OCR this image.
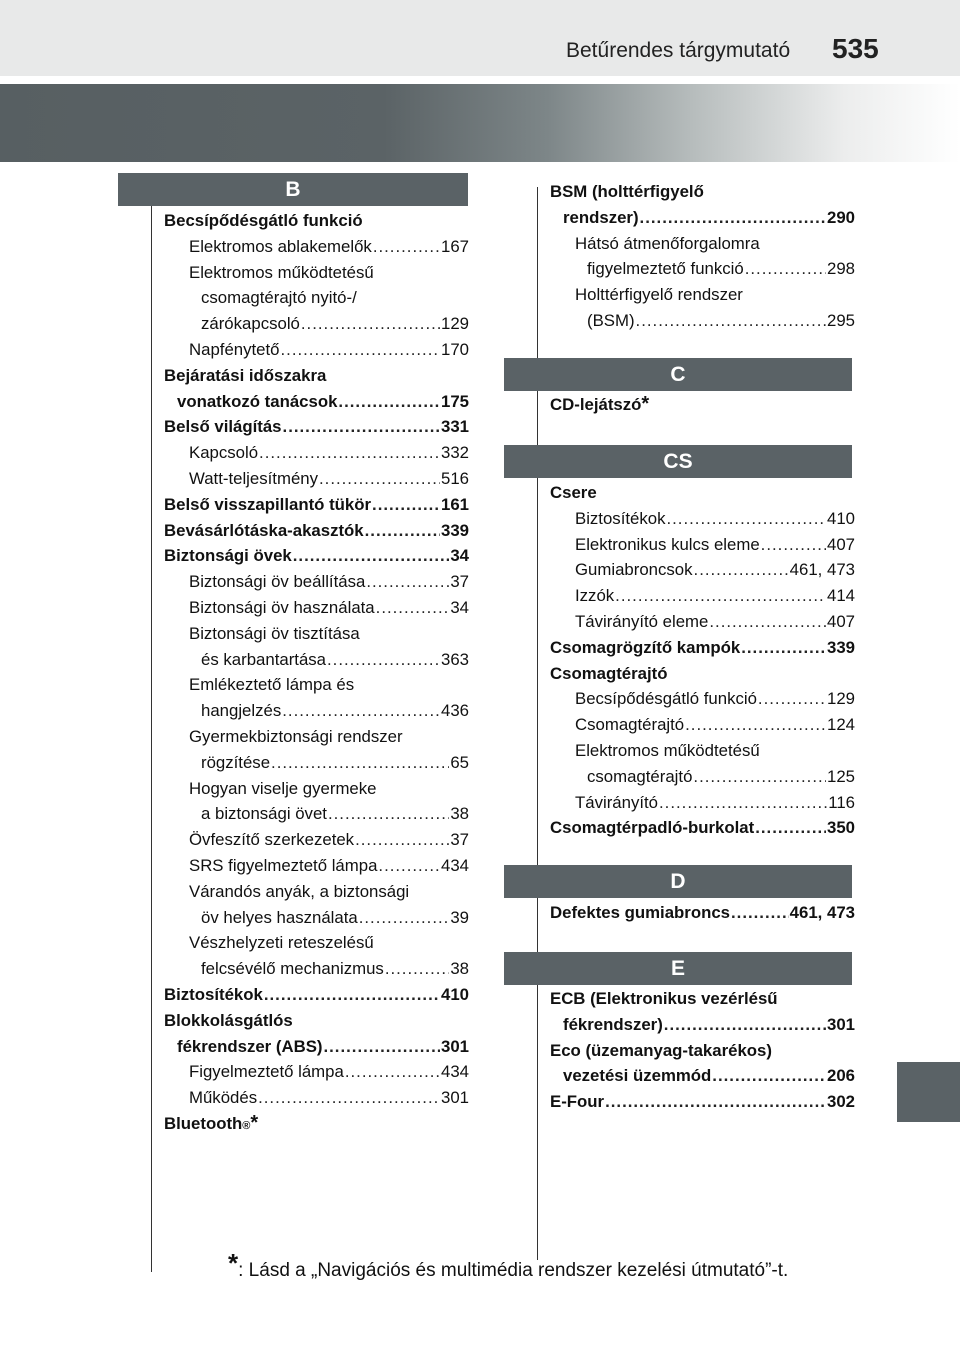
Betűrendes tárgymutató 535
B
Becsípődésgátló funkció
Elektromos ablakemelők .....	167
Elektromos működtetésű
csomagtérajtó nyitó-/
zárókapcsoló .....	129
Napfénytető .....	170
Bejáratási időszakra
vonatkozó tanácsok .....	175
Belső világítás .....	331
Kapcsoló .....	332
Watt-teljesítmény .....	516
Belső visszapillantó tükör .....	161
Bevásárlótáska-akasztók .....	339
Biztonsági övek .....	34
Biztonsági öv beállítása .....	37
Biztonsági öv használata .....	34
Biztonsági öv tisztítása
és karbantartása .....	363
Emlékeztető lámpa és
hangjelzés .....	436
Gyermekbiztonsági rendszer
rögzítése .....	65
Hogyan viselje gyermeke
a biztonsági övet .....	38
Övfeszítő szerkezetek .....	37
SRS figyelmeztető lámpa .....	434
Várandós anyák, a biztonsági
öv helyes használata .....	39
Vészhelyzeti reteszelésű
felcsévélő mechanizmus .....	38
Biztosítékok .....	410
Blokkolásgátlós
fékrendszer (ABS) .....	301
Figyelmeztető lámpa .....	434
Működés .....	301
Bluetooth ® *
BSM (holttérfigyelő
rendszer) .....	290
Hátsó átmenőforgalomra
figyelmeztető funkció .....	298
Holttérfigyelő rendszer
(BSM) .....	295
C
CD-lejátszó *
CS
Csere
Biztosítékok .....	410
Elektronikus kulcs eleme .....	407
Gumiabroncsok .....	461, 473
Izzók .....	414
Távirányító eleme .....	407
Csomagrögzítő kampók .....	339
Csomagtérajtó
Becsípődésgátló funkció .....	129
Csomagtérajtó .....	124
Elektromos működtetésű
csomagtérajtó .....	125
Távirányító .....	116
Csomagtérpadló-burkolat .....	350
D
Defektes gumiabroncs .....	461, 473
E
ECB (Elektronikus vezérlésű
fékrendszer) .....	301
Eco (üzemanyag-takarékos)
vezetési üzemmód .....	206
E-Four .....	302
*: Lásd a „Navigációs és multimédia rendszer kezelési útmutató”-t.
